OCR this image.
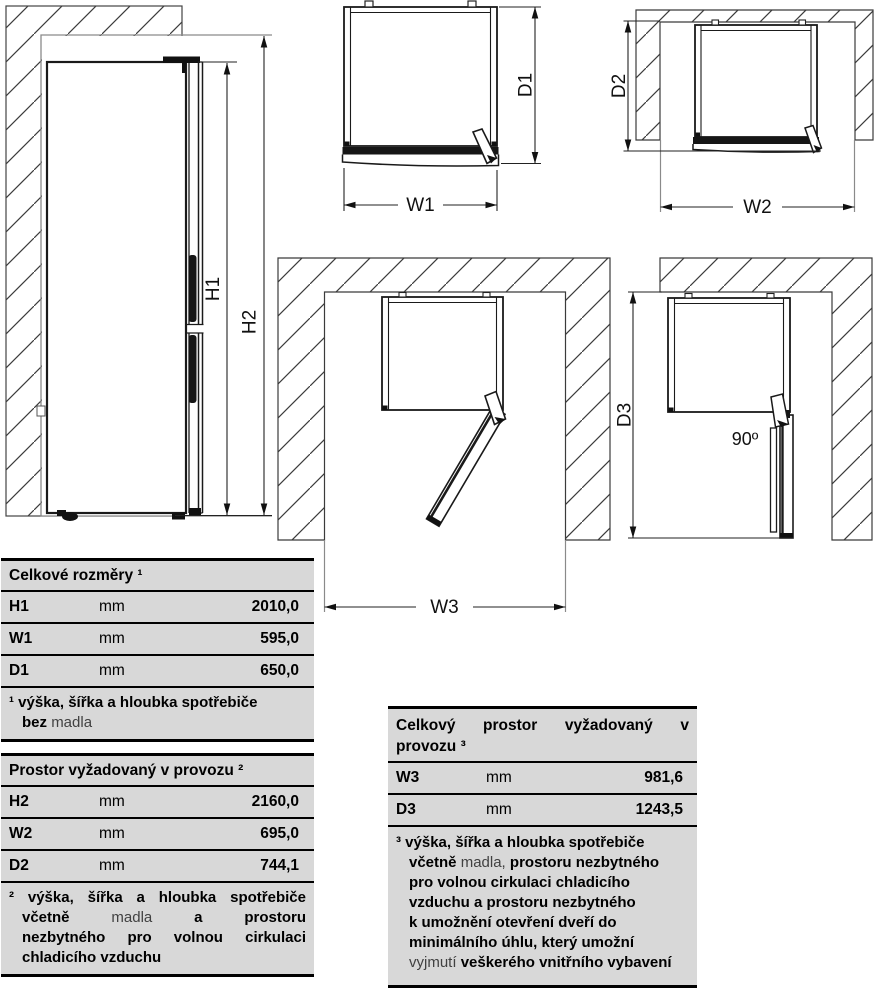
H1
H2
W1
D1	D2
W2
W3
D3
90º
Celkové rozměry ¹
H1	mm	2010,0
W1	mm	595,0
D1	mm	650,0
¹ výška, šířka a hloubka spotřebiče
bez madla
Prostor vyžadovaný v provozu ²
H2	mm	2160,0
W2	mm	695,0
D2	mm	744,1
² výška, šířka a hloubka spotřebiče
včetně	madla	a prostoru
nezbytného pro volnou cirkulaci
chladicího vzduchu
Celkový prostor vyžadovaný v
provozu ³
W3	mm	981,6
D3	mm	1243,5
³ výška, šířka a hloubka spotřebiče
včetně madla, prostoru nezbytného
pro volnou cirkulaci chladicího
vzduchu a prostoru nezbytného
k umožnění otevření dveří do
minimálního úhlu, který umožní
vyjmutí veškerého vnitřního vybavení
